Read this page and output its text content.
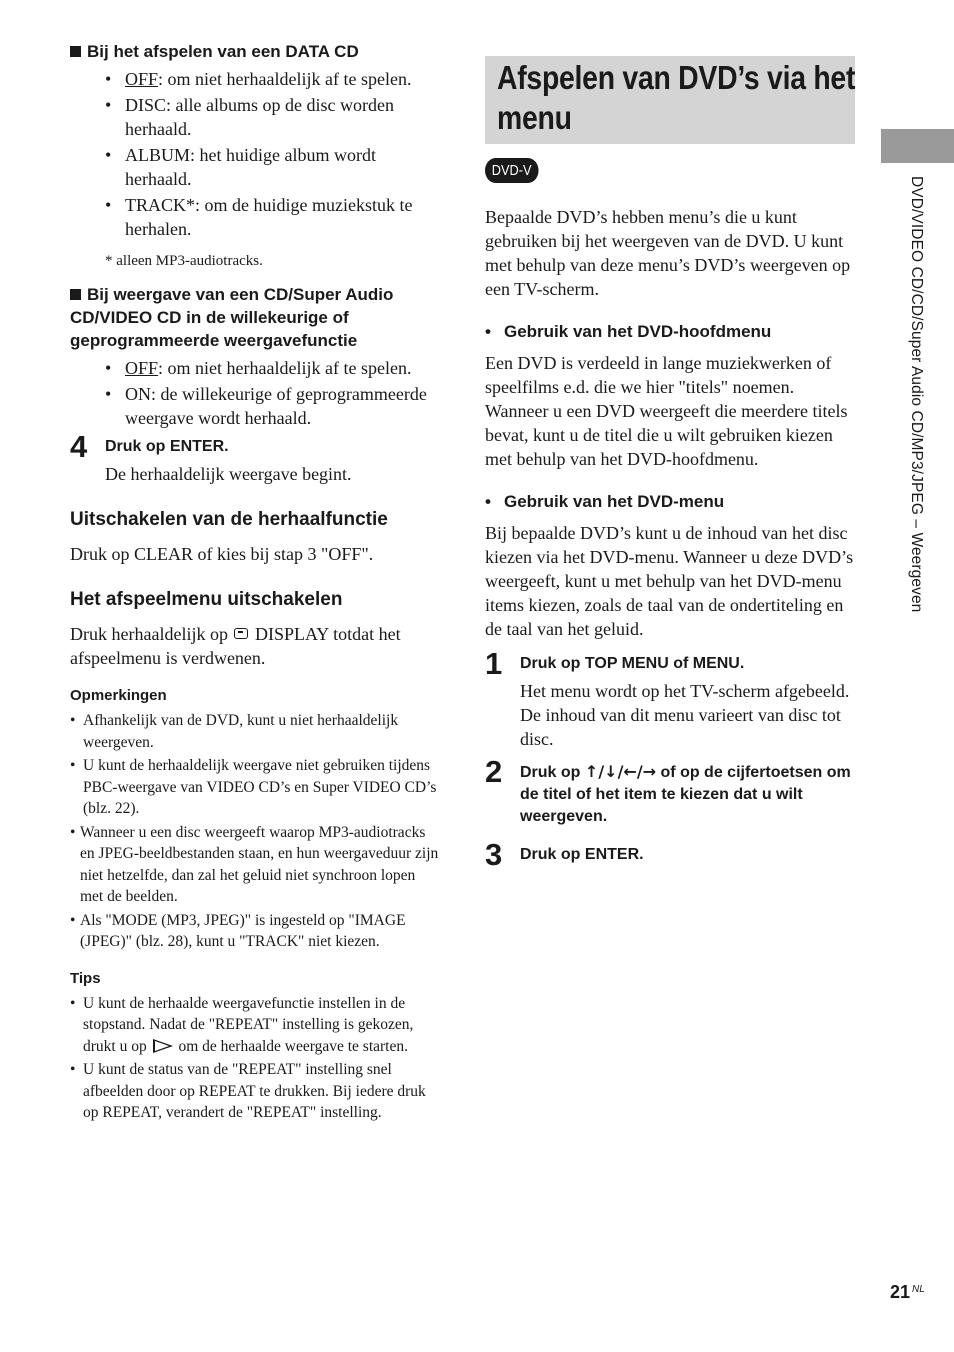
Bij het afspelen van een DATA CD

• OFF: om niet herhaaldelijk af te spelen.
• DISC: alle albums op de disc worden herhaald.
• ALBUM: het huidige album wordt herhaald.
• TRACK*: om de huidige muziekstuk te herhalen.

* alleen MP3-audiotracks.

Bij weergave van een CD/Super Audio CD/VIDEO CD in de willekeurige of geprogrammeerde weergavefunctie

• OFF: om niet herhaaldelijk af te spelen.
• ON: de willekeurige of geprogrammeerde weergave wordt herhaald.
4 Druk op ENTER.

De herhaaldelijk weergave begint.

Uitschakelen van de herhaalfunctie

Druk op CLEAR of kies bij stap 3 "OFF".

Het afspeelmenu uitschakelen

Druk herhaaldelijk op DISPLAY totdat het afspeelmenu is verdwenen.

Opmerkingen

• Afhankelijk van de DVD, kunt u niet herhaaldelijk weergeven.
• U kunt de herhaaldelijk weergave niet gebruiken tijdens PBC-weergave van VIDEO CD’s en Super VIDEO CD’s (blz. 22).
• Wanneer u een disc weergeeft waarop MP3-audiotracks en JPEG-beeldbestanden staan, en hun weergaveduur zijn niet hetzelfde, dan zal het geluid niet synchroon lopen met de beelden.
• Als "MODE (MP3, JPEG)" is ingesteld op "IMAGE (JPEG)" (blz. 28), kunt u "TRACK" niet kiezen.

Tips

• U kunt de herhaalde weergavefunctie instellen in de stopstand. Nadat de "REPEAT" instelling is gekozen, drukt u op om de herhaalde weergave te starten.
• U kunt de status van de "REPEAT" instelling snel afbeelden door op REPEAT te drukken. Bij iedere druk op REPEAT, verandert de "REPEAT" instelling.
Afspelen van DVD’s via het menu
DVD-V

Bepaalde DVD’s hebben menu’s die u kunt gebruiken bij het weergeven van de DVD. U kunt met behulp van deze menu’s DVD’s weergeven op een TV-scherm.

• Gebruik van het DVD-hoofdmenu

Een DVD is verdeeld in lange muziekwerken of speelfilms e.d. die we hier "titels" noemen. Wanneer u een DVD weergeeft die meerdere titels bevat, kunt u de titel die u wilt gebruiken kiezen met behulp van het DVD-hoofdmenu.

• Gebruik van het DVD-menu

Bij bepaalde DVD’s kunt u de inhoud van het disc kiezen via het DVD-menu. Wanneer u deze DVD’s weergeeft, kunt u met behulp van het DVD-menu items kiezen, zoals de taal van de ondertiteling en de taal van het geluid.

1 Druk op TOP MENU of MENU.

Het menu wordt op het TV-scherm afgebeeld. De inhoud van dit menu varieert van disc tot disc.

2 Druk op ↑/↓/←/→ of op de cijfertoetsen om de titel of het item te kiezen dat u wilt weergeven.

3 Druk op ENTER.

DVD/VIDEO CD/CD/Super Audio CD/MP3/JPEG – Weergeven
21 $^{NL}$
